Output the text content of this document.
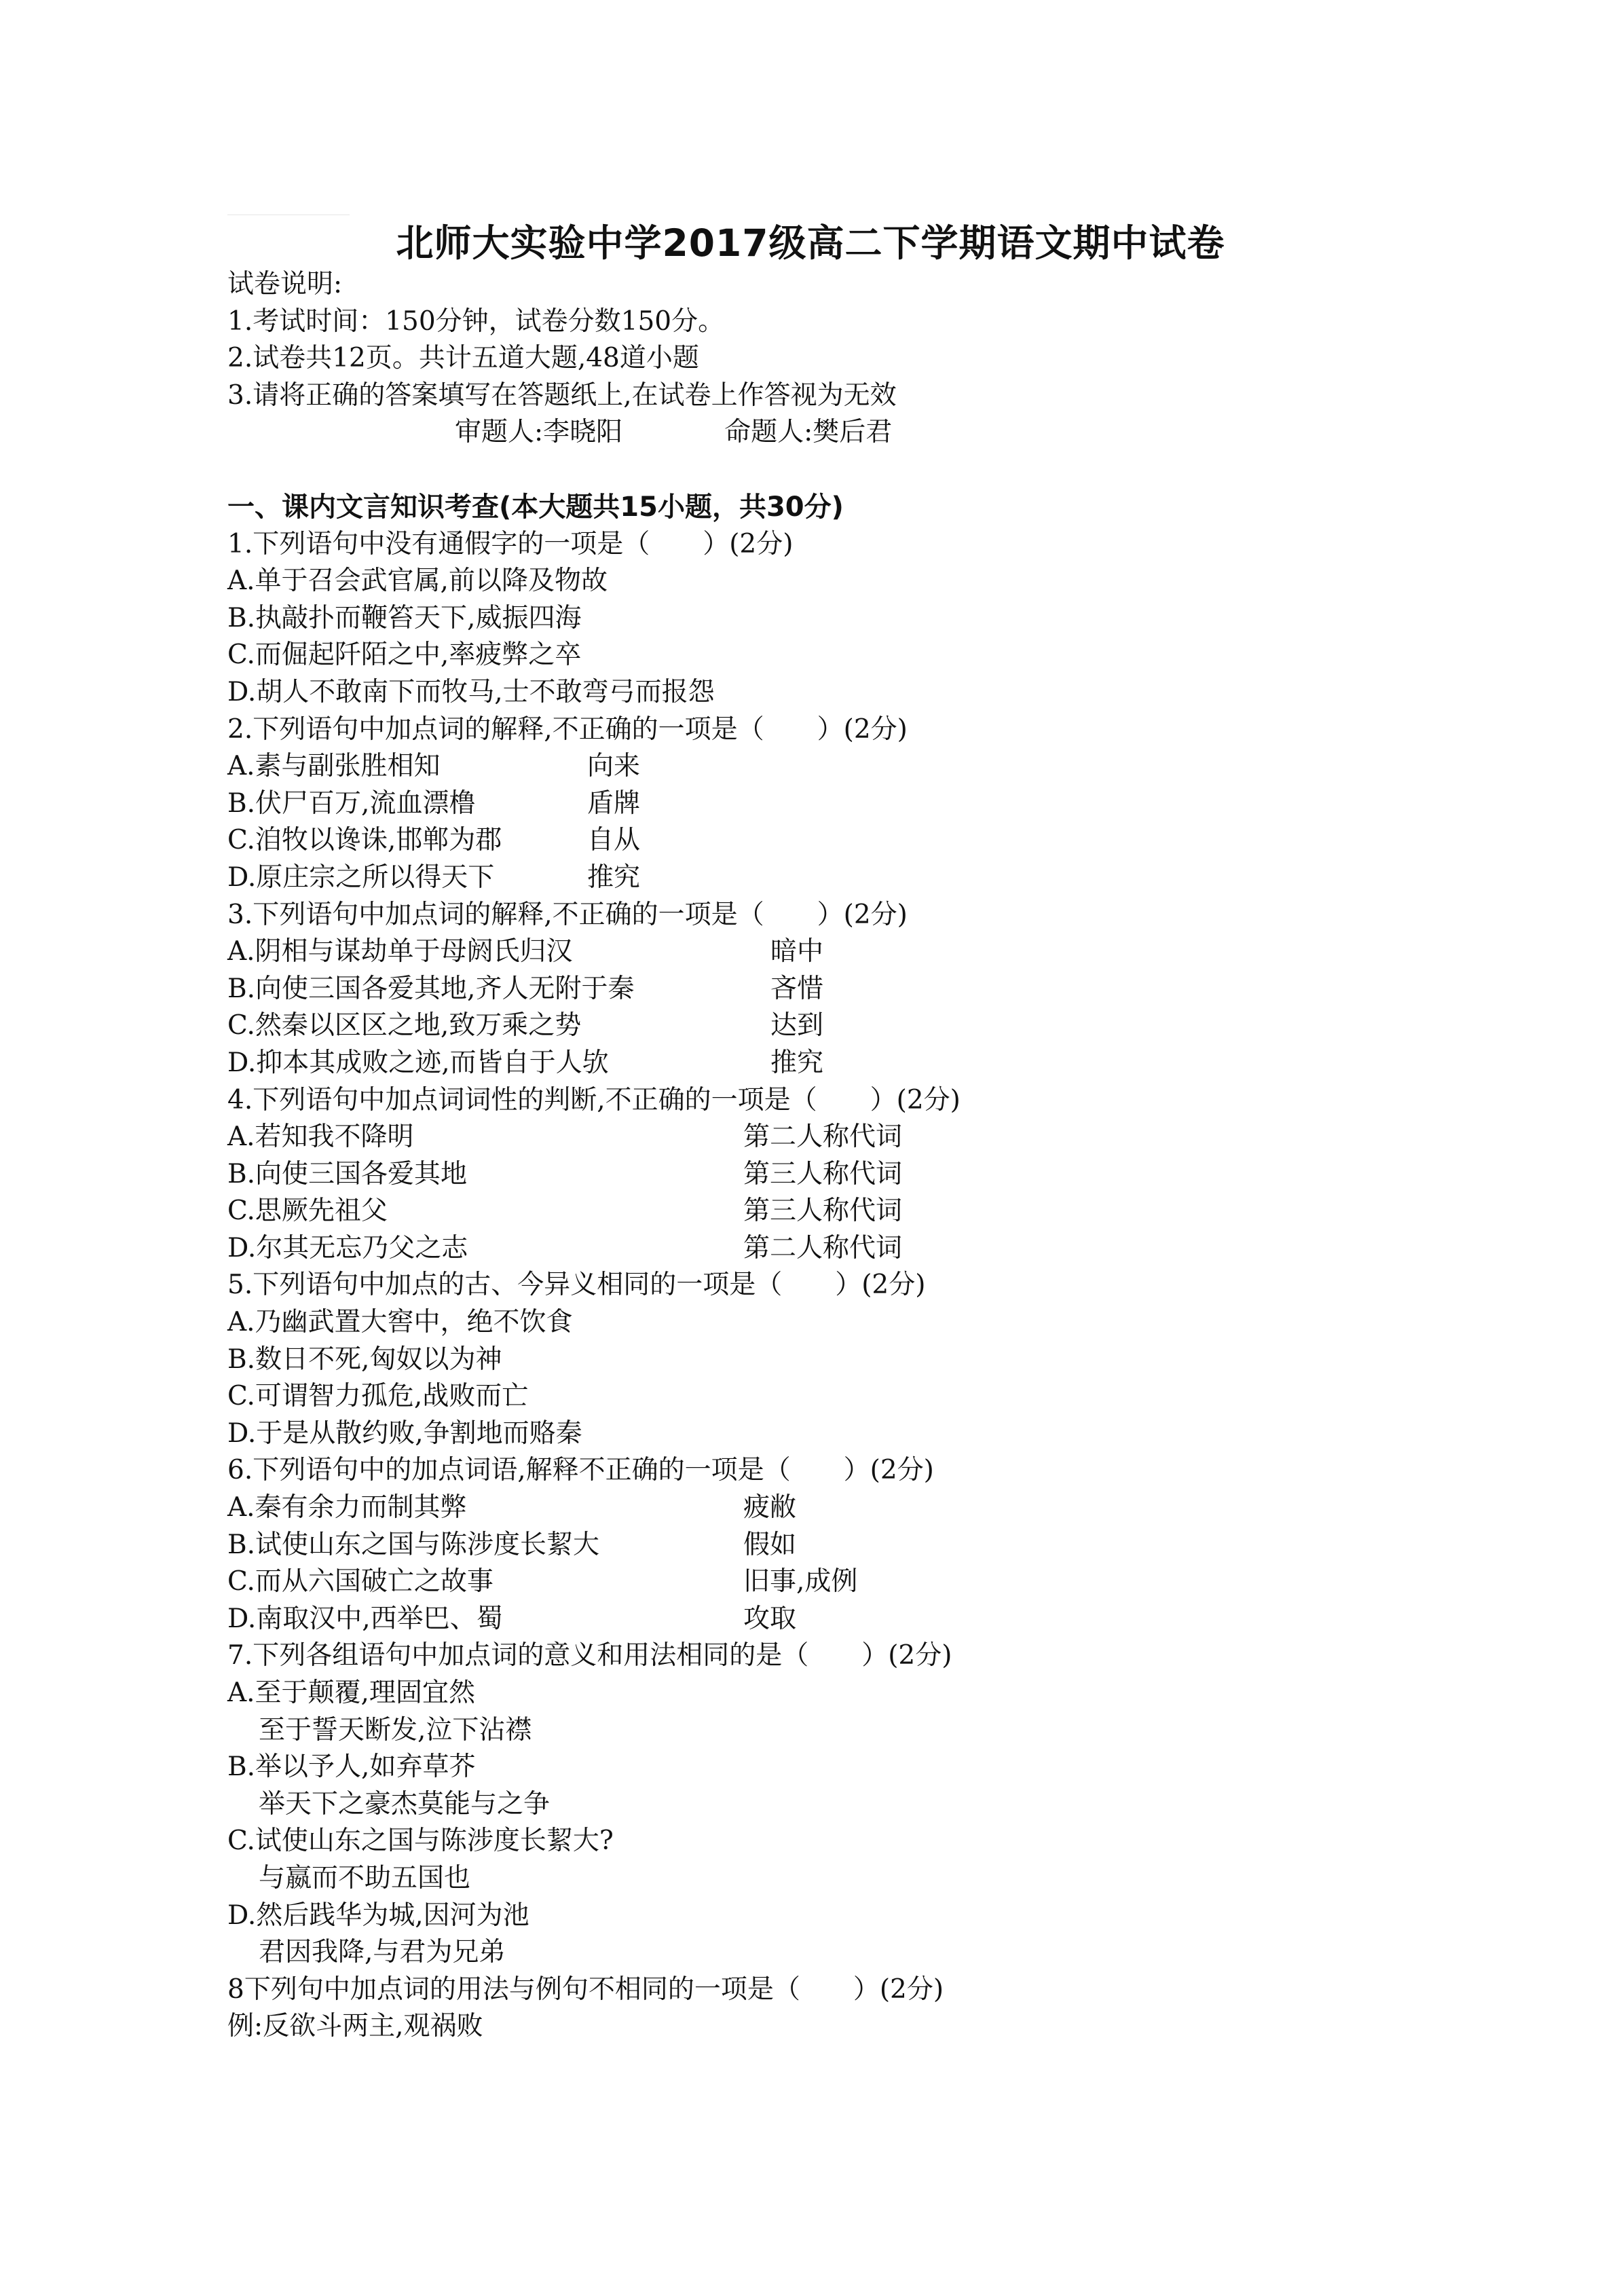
北师大实验中学2017级高二下学期语文期中试卷
试卷说明:
1.考试时间：150分钟，试卷分数150分。
2.试卷共12页。共计五道大题,48道小题
3.请将正确的答案填写在答题纸上,在试卷上作答视为无效
审题人:李晓阳	命题人:樊后君
一、课内文言知识考查(本大题共15小题，共30分)
1.下列语句中没有通假字的一项是（　　）(2分)
A.单于召会武官属,前以降及物故
B.执敲扑而鞭笞天下,威振四海
C.而倔起阡陌之中,率疲弊之卒
D.胡人不敢南下而牧马,士不敢弯弓而报怨
2.下列语句中加点词的解释,不正确的一项是（　　）(2分)
A.素与副张胜相知	向来
B.伏尸百万,流血漂橹	盾牌
C.洎牧以谗诛,邯郸为郡	自从
D.原庄宗之所以得天下	推究
3.下列语句中加点词的解释,不正确的一项是（　　）(2分)
A.阴相与谋劫单于母阏氏归汉	暗中
B.向使三国各爱其地,齐人无附于秦	吝惜
C.然秦以区区之地,致万乘之势	达到
D.抑本其成败之迹,而皆自于人欤	推究
4.下列语句中加点词词性的判断,不正确的一项是（　　）(2分)
A.若知我不降明	第二人称代词
B.向使三国各爱其地	第三人称代词
C.思厥先祖父	第三人称代词
D.尔其无忘乃父之志	第二人称代词
5.下列语句中加点的古、今异义相同的一项是（　　）(2分)
A.乃幽武置大窖中，绝不饮食
B.数日不死,匈奴以为神
C.可谓智力孤危,战败而亡
D.于是从散约败,争割地而赂秦
6.下列语句中的加点词语,解释不正确的一项是（　　）(2分)
A.秦有余力而制其弊	疲敝
B.试使山东之国与陈涉度长絜大	假如
C.而从六国破亡之故事	旧事,成例
D.南取汉中,西举巴、蜀	攻取
7.下列各组语句中加点词的意义和用法相同的是（　　）(2分)
A.至于颠覆,理固宜然
至于誓天断发,泣下沾襟
B.举以予人,如弃草芥
举天下之豪杰莫能与之争
C.试使山东之国与陈涉度长絜大?
与嬴而不助五国也
D.然后践华为城,因河为池
君因我降,与君为兄弟
8下列句中加点词的用法与例句不相同的一项是（　　）(2分)
例:反欲斗两主,观祸败
